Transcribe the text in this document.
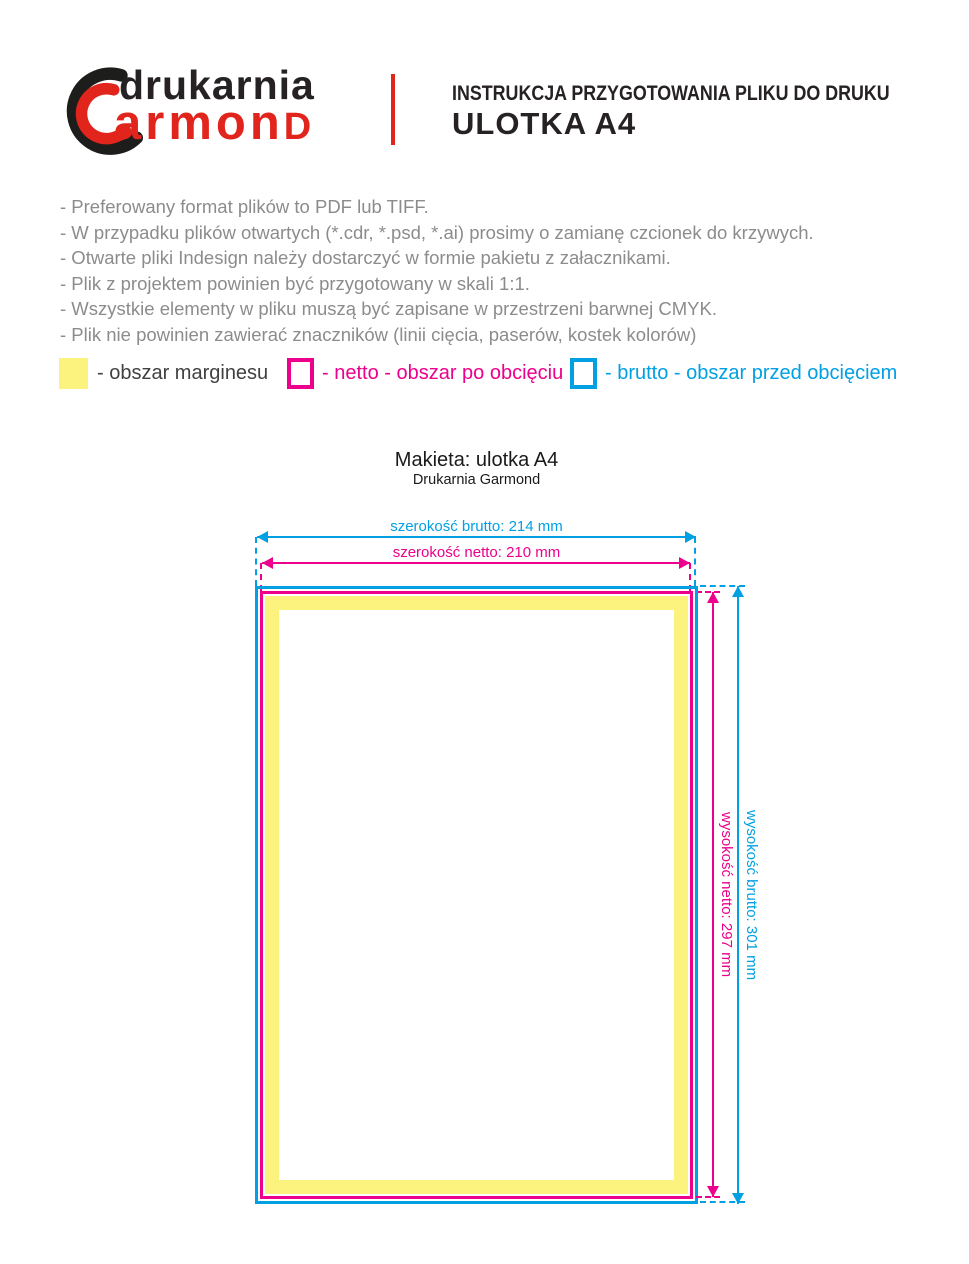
drukarnia
armonD
INSTRUKCJA PRZYGOTOWANIA PLIKU DO DRUKU
ULOTKA A4
- Preferowany format plików to PDF lub TIFF.
- W przypadku plików otwartych (*.cdr, *.psd, *.ai) prosimy o zamianę czcionek do krzywych.
- Otwarte pliki Indesign należy dostarczyć w formie pakietu z załacznikami.
- Plik z projektem powinien być przygotowany w skali 1:1.
- Wszystkie elementy w pliku muszą być zapisane w przestrzeni barwnej CMYK.
- Plik nie powinien zawierać znaczników (linii cięcia, paserów, kostek kolorów)
- obszar marginesu	- netto - obszar po obcięciu - brutto - obszar przed obcięciem
Makieta: ulotka A4
Drukarnia Garmond
szerokość brutto: 214 mm
szerokość netto: 210 mm
wysokość netto: 297 mm wysokość brutto: 301 mm
